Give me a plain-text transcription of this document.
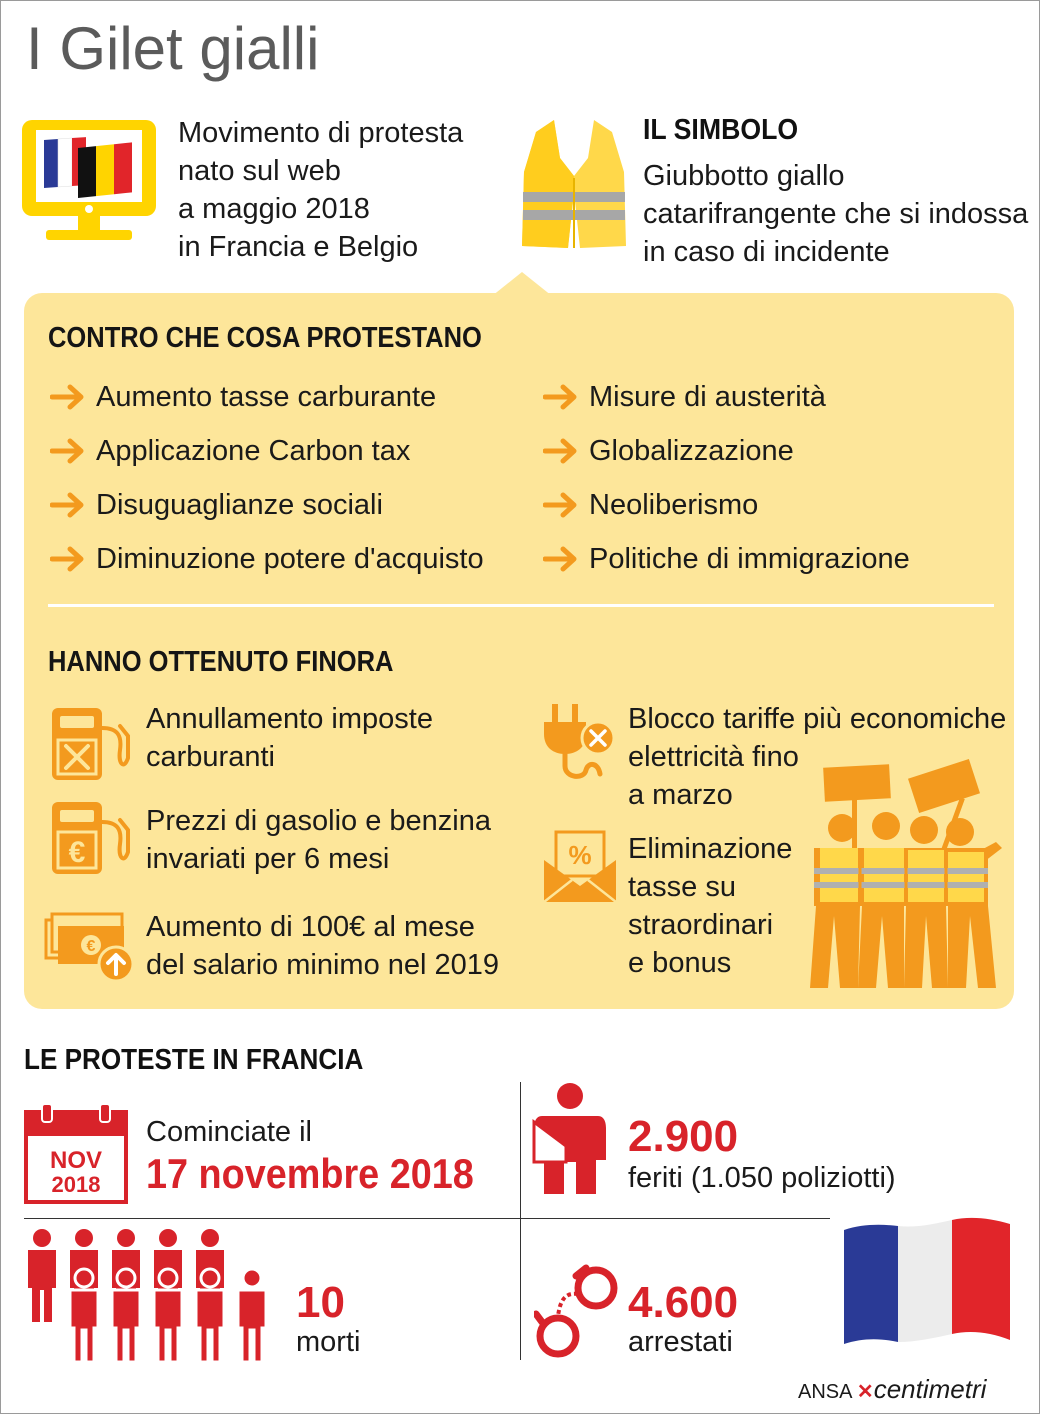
I Gilet gialli
Movimento di protesta
nato sul web
a maggio 2018
in Francia e Belgio
IL SIMBOLO
Giubbotto giallo
catarifrangente che si indossa
in caso di incidente
CONTRO CHE COSA PROTESTANO
Aumento tasse carburante
Applicazione Carbon tax
Disuguaglianze sociali
Diminuzione potere d'acquisto
Misure di austerità
Globalizzazione
Neoliberismo
Politiche di immigrazione
HANNO OTTENUTO FINORA
Annullamento imposte
carburanti
€
Prezzi di gasolio e benzina
invariati per 6 mesi
€
Aumento di 100€ al mese
del salario minimo nel 2019
Blocco tariffe più economiche
elettricità fino
a marzo
% Eliminazione
tasse su
straordinari
e bonus
LE PROTESTE IN FRANCIA
NOV
2018
Cominciate il
17 novembre 2018
2.900
feriti (1.050 poliziotti)
10
morti
4.600
arrestati
ANSA ✕centimetri
